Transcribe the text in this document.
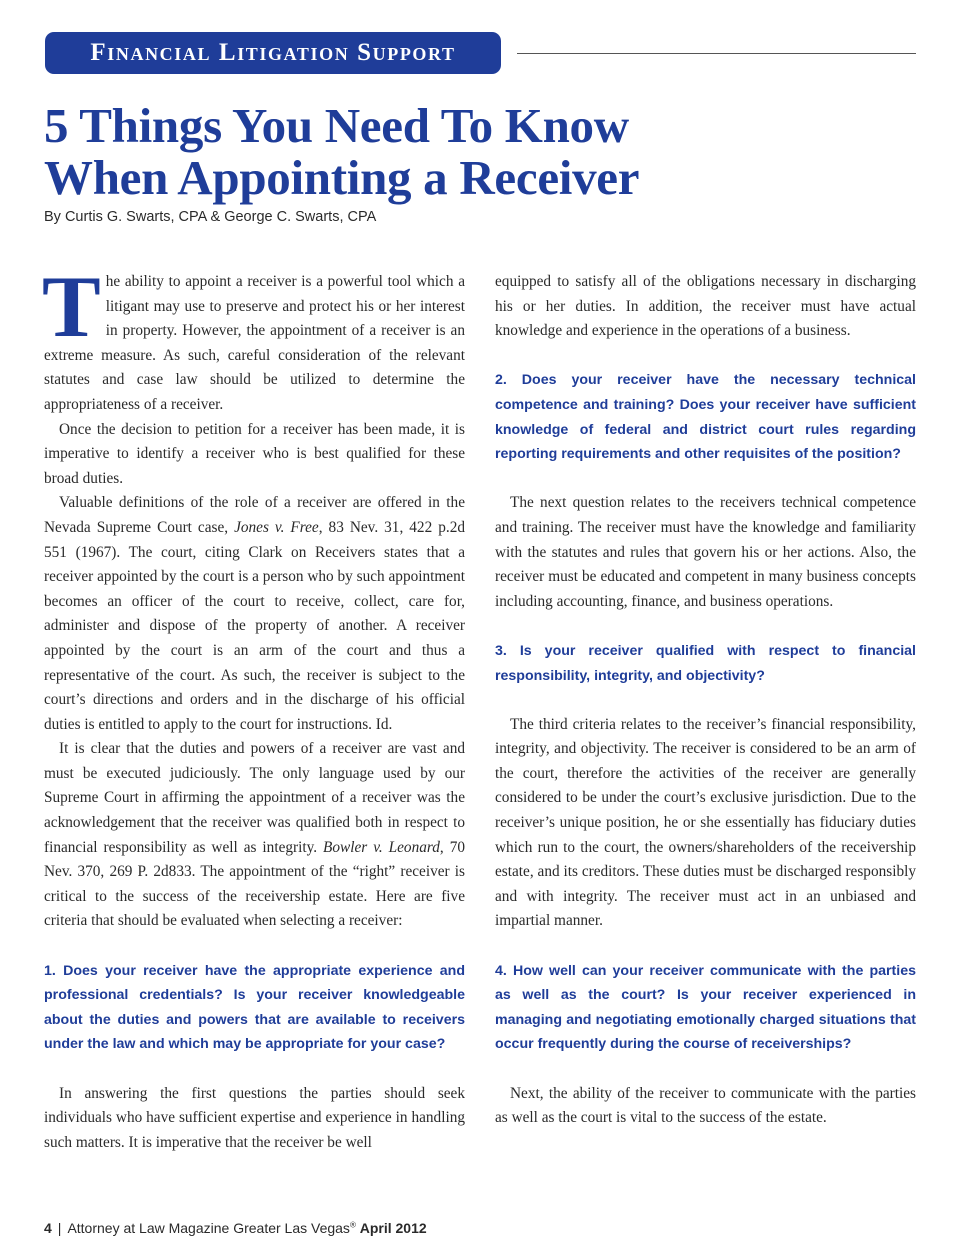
Financial Litigation Support
5 Things You Need To Know
When Appointing a Receiver
By Curtis G. Swarts, CPA & George C. Swarts, CPA

The ability to appoint a receiver is a powerful tool which a litigant may use to preserve and protect his or her interest in property. However, the appointment of a receiver is an extreme measure. As such, careful consideration of the relevant statutes and case law should be utilized to determine the appropriateness of a receiver.

Once the decision to petition for a receiver has been made, it is imperative to identify a receiver who is best qualified for these broad duties.

Valuable definitions of the role of a receiver are offered in the Nevada Supreme Court case, Jones v. Free, 83 Nev. 31, 422 p.2d 551 (1967). The court, citing Clark on Receivers states that a receiver appointed by the court is a person who by such appointment becomes an officer of the court to receive, collect, care for, administer and dispose of the property of another. A receiver appointed by the court is an arm of the court and thus a representative of the court. As such, the receiver is subject to the court’s directions and orders and in the discharge of his official duties is entitled to apply to the court for instructions. Id.

It is clear that the duties and powers of a receiver are vast and must be executed judiciously. The only language used by our Supreme Court in affirming the appointment of a receiver was the acknowledgement that the receiver was qualified both in respect to financial responsibility as well as integrity. Bowler v. Leonard, 70 Nev. 370, 269 P. 2d833. The appointment of the “right” receiver is critical to the success of the receivership estate. Here are five criteria that should be evaluated when selecting a receiver:

1. Does your receiver have the appropriate experience and professional credentials? Is your receiver knowledgeable about the duties and powers that are available to receivers under the law and which may be appropriate for your case?

In answering the first questions the parties should seek individuals who have sufficient expertise and experience in handling such matters. It is imperative that the receiver be well

equipped to satisfy all of the obligations necessary in discharging his or her duties. In addition, the receiver must have actual knowledge and experience in the operations of a business.

2. Does your receiver have the necessary technical competence and training? Does your receiver have sufficient knowledge of federal and district court rules regarding reporting requirements and other requisites of the position?

The next question relates to the receivers technical competence and training. The receiver must have the knowledge and familiarity with the statutes and rules that govern his or her actions. Also, the receiver must be educated and competent in many business concepts including accounting, finance, and business operations.

3. Is your receiver qualified with respect to financial responsibility, integrity, and objectivity?

The third criteria relates to the receiver’s financial responsibility, integrity, and objectivity. The receiver is considered to be an arm of the court, therefore the activities of the receiver are generally considered to be under the court’s exclusive jurisdiction. Due to the receiver’s unique position, he or she essentially has fiduciary duties which run to the court, the owners/shareholders of the receivership estate, and its creditors. These duties must be discharged responsibly and with integrity. The receiver must act in an unbiased and impartial manner.

4. How well can your receiver communicate with the parties as well as the court? Is your receiver experienced in managing and negotiating emotionally charged situations that occur frequently during the course of receiverships?

Next, the ability of the receiver to communicate with the parties as well as the court is vital to the success of the estate.

4 | Attorney at Law Magazine Greater Las Vegas® April 2012
